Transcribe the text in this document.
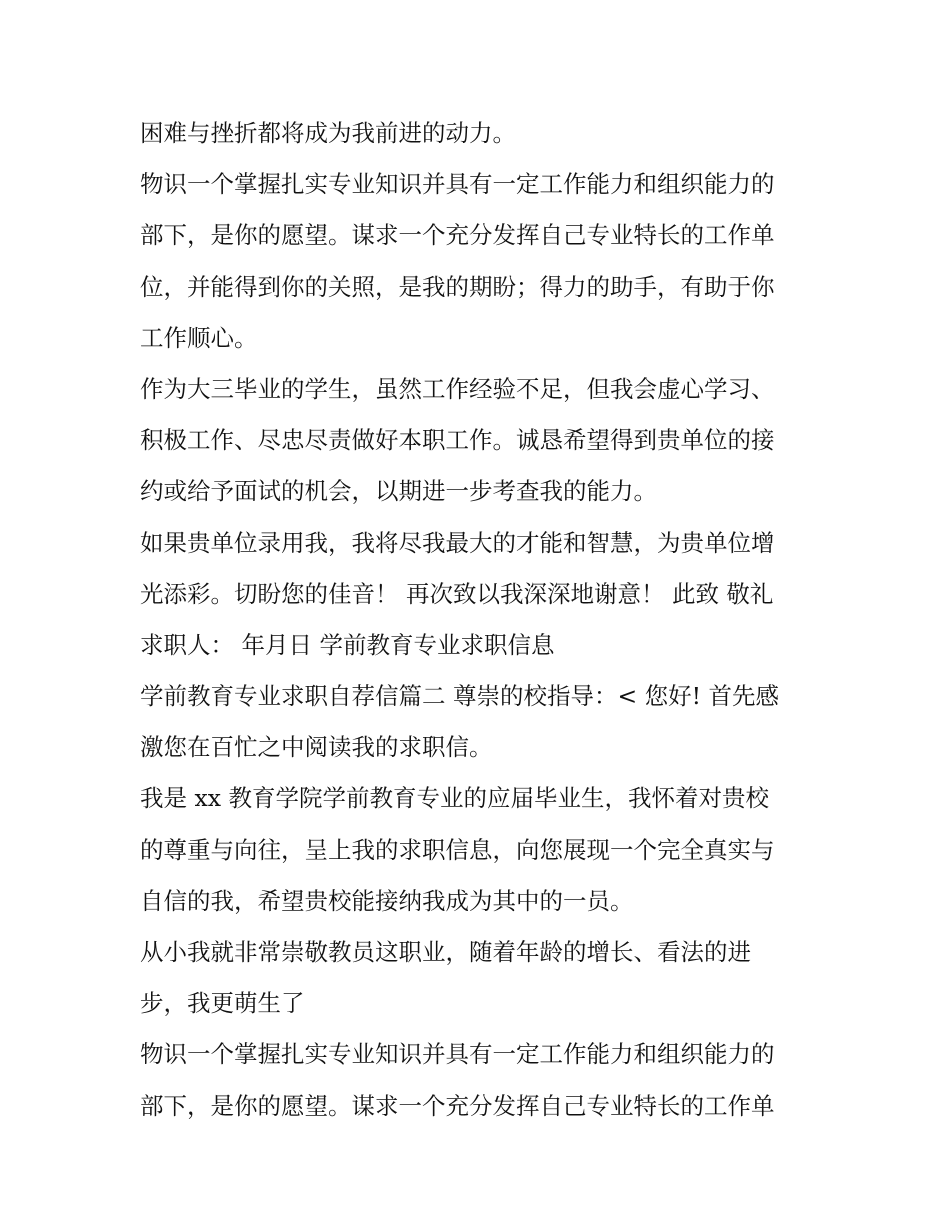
困难与挫折都将成为我前进的动力。
物识一个掌握扎实专业知识并具有一定工作能力和组织能力的
部下，是你的愿望。谋求一个充分发挥自己专业特长的工作单
位，并能得到你的关照，是我的期盼；得力的助手，有助于你
工作顺心。
作为大三毕业的学生，虽然工作经验不足，但我会虚心学习、
积极工作、尽忠尽责做好本职工作。诚恳希望得到贵单位的接
约或给予面试的机会，以期进一步考查我的能力。
如果贵单位录用我，我将尽我最大的才能和智慧，为贵单位增
光添彩。切盼您的佳音！ 再次致以我深深地谢意！ 此致 敬礼
求职人： 年月日 学前教育专业求职信息
学前教育专业求职自荐信篇二 尊崇的校指导：< 您好! 首先感
激您在百忙之中阅读我的求职信。
我是 xx 教育学院学前教育专业的应届毕业生，我怀着对贵校
的尊重与向往，呈上我的求职信息，向您展现一个完全真实与
自信的我，希望贵校能接纳我成为其中的一员。
从小我就非常崇敬教员这职业，随着年龄的增长、看法的进
步，我更萌生了
物识一个掌握扎实专业知识并具有一定工作能力和组织能力的
部下，是你的愿望。谋求一个充分发挥自己专业特长的工作单
